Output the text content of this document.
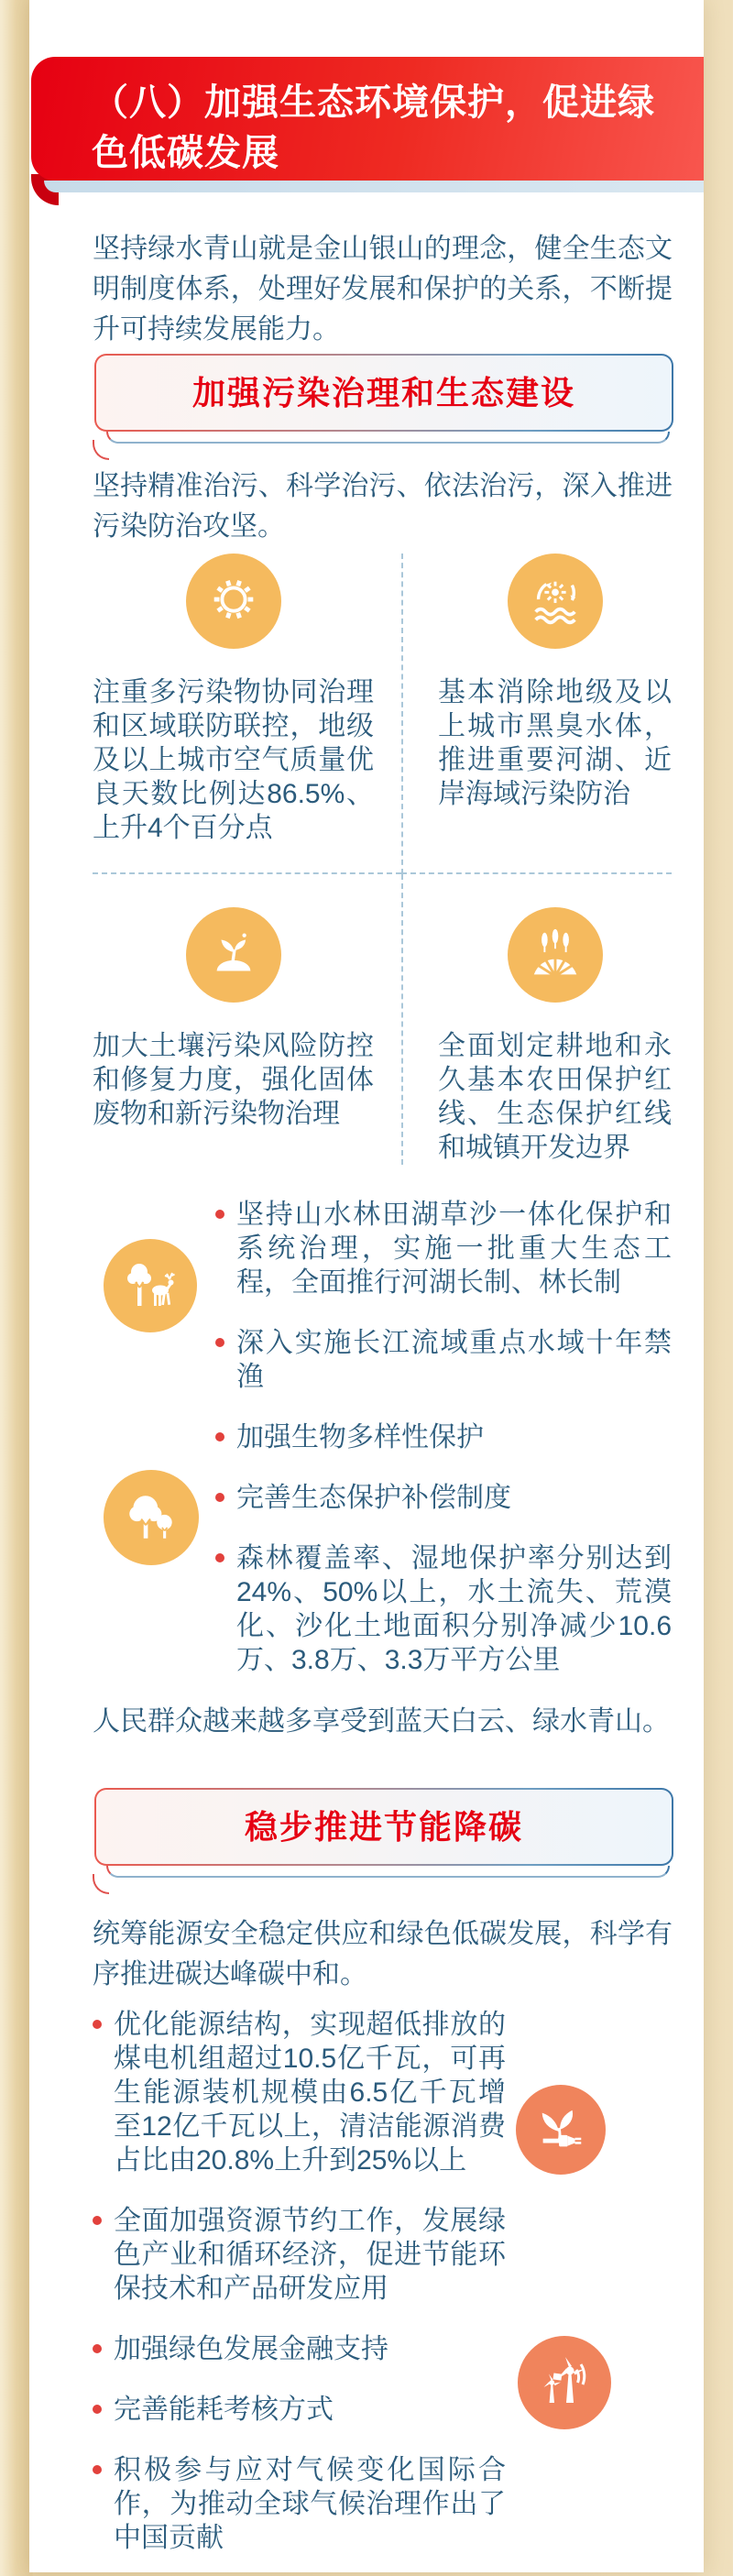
（八）加强生态环境保护，促进绿色低碳发展

坚持绿水青山就是金山银山的理念，健全生态文明制度体系，处理好发展和保护的关系，不断提升可持续发展能力。

加强污染治理和生态建设

坚持精准治污、科学治污、依法治污，深入推进污染防治攻坚。

注重多污染物协同治理和区域联防联控，地级及以上城市空气质量优良天数比例达86.5%、上升4个百分点

基本消除地级及以上城市黑臭水体，推进重要河湖、近岸海域污染防治

加大土壤污染风险防控和修复力度，强化固体废物和新污染物治理

全面划定耕地和永久基本农田保护红线、生态保护红线和城镇开发边界

坚持山水林田湖草沙一体化保护和系统治理，实施一批重大生态工程，全面推行河湖长制、林长制
深入实施长江流域重点水域十年禁渔
加强生物多样性保护
完善生态保护补偿制度
森林覆盖率、湿地保护率分别达到24%、50%以上，水土流失、荒漠化、沙化土地面积分别净减少10.6万、3.8万、3.3万平方公里

人民群众越来越多享受到蓝天白云、绿水青山。

稳步推进节能降碳

统筹能源安全稳定供应和绿色低碳发展，科学有序推进碳达峰碳中和。

优化能源结构，实现超低排放的煤电机组超过10.5亿千瓦，可再生能源装机规模由6.5亿千瓦增至12亿千瓦以上，清洁能源消费占比由20.8%上升到25%以上
全面加强资源节约工作，发展绿色产业和循环经济，促进节能环保技术和产品研发应用
加强绿色发展金融支持
完善能耗考核方式
积极参与应对气候变化国际合作，为推动全球气候治理作出了中国贡献
